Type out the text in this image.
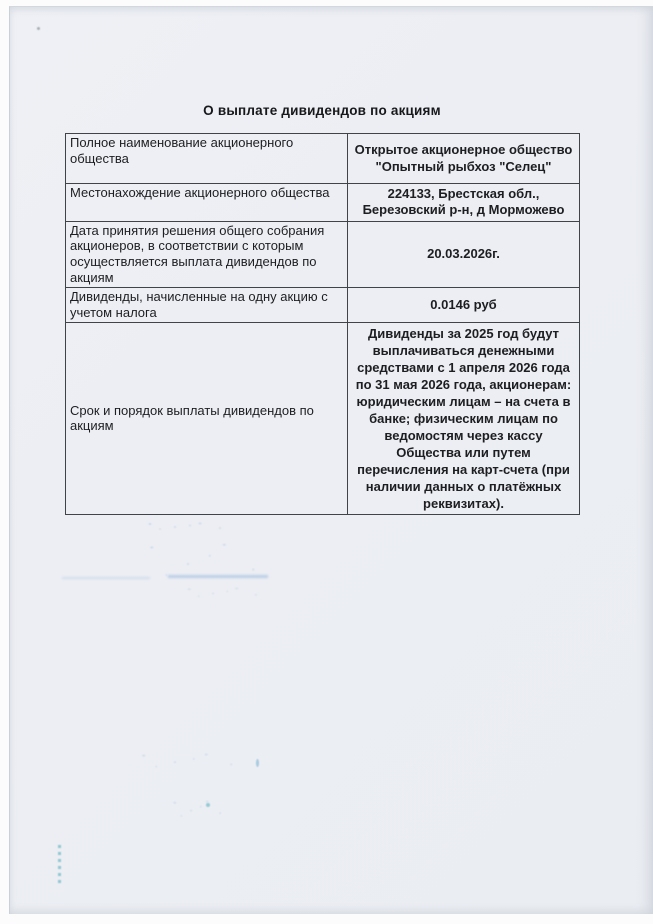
О выплате дивидендов по акциям
Полное наименование акционерного общества	Открытое акционерное общество "Опытный рыбхоз "Селец"
Местонахождение акционерного общества	224133, Брестская обл., Березовский р-н, д Морможево
Дата принятия решения общего собрания акционеров, в соответствии с которым осуществляется выплата дивидендов по акциям	20.03.2026г.
Дивиденды, начисленные на одну акцию с учетом налога	0.0146 руб
Срок и порядок выплаты дивидендов по акциям	Дивиденды за 2025 год будут выплачиваться денежными средствами с 1 апреля 2026 года по 31 мая 2026 года, акционерам: юридическим лицам – на счета в банке; физическим лицам по ведомостям через кассу Общества или путем перечисления на карт-счета (при наличии данных о платёжных реквизитах).
